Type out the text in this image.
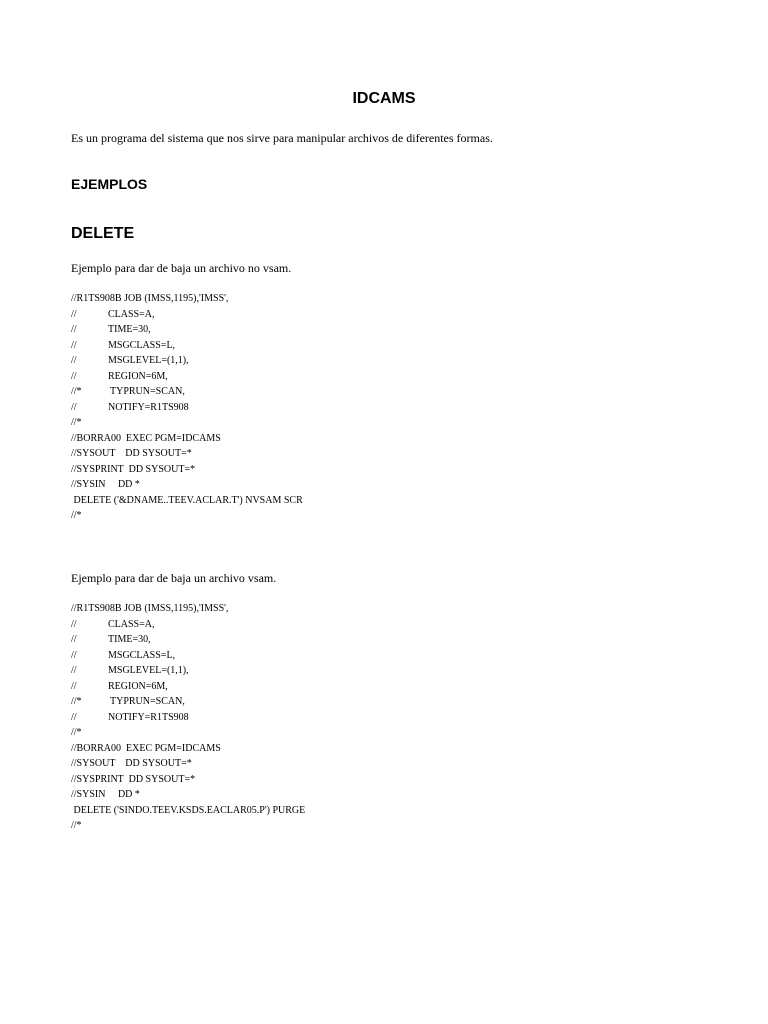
IDCAMS
Es un programa del sistema que nos sirve para manipular archivos de diferentes formas.
EJEMPLOS
DELETE
Ejemplo para dar de baja un archivo no vsam.
//R1TS908B JOB (IMSS,1195),'IMSS',
//	CLASS=A,
//	TIME=30,
//	MSGCLASS=L,
//	MSGLEVEL=(1,1),
//	REGION=6M,
//*	TYPRUN=SCAN,
//	NOTIFY=R1TS908
//*
//BORRA00  EXEC PGM=IDCAMS
//SYSOUT    DD SYSOUT=*
//SYSPRINT  DD SYSOUT=*
//SYSIN     DD *
DELETE ('&DNAME..TEEV.ACLAR.T') NVSAM SCR
//*
Ejemplo para dar de baja un archivo vsam.
//R1TS908B JOB (IMSS,1195),'IMSS',
//	CLASS=A,
//	TIME=30,
//	MSGCLASS=L,
//	MSGLEVEL=(1,1),
//	REGION=6M,
//*	TYPRUN=SCAN,
//	NOTIFY=R1TS908
//*
//BORRA00  EXEC PGM=IDCAMS
//SYSOUT    DD SYSOUT=*
//SYSPRINT  DD SYSOUT=*
//SYSIN     DD *
DELETE ('SINDO.TEEV.KSDS.EACLAR05.P') PURGE
//*
